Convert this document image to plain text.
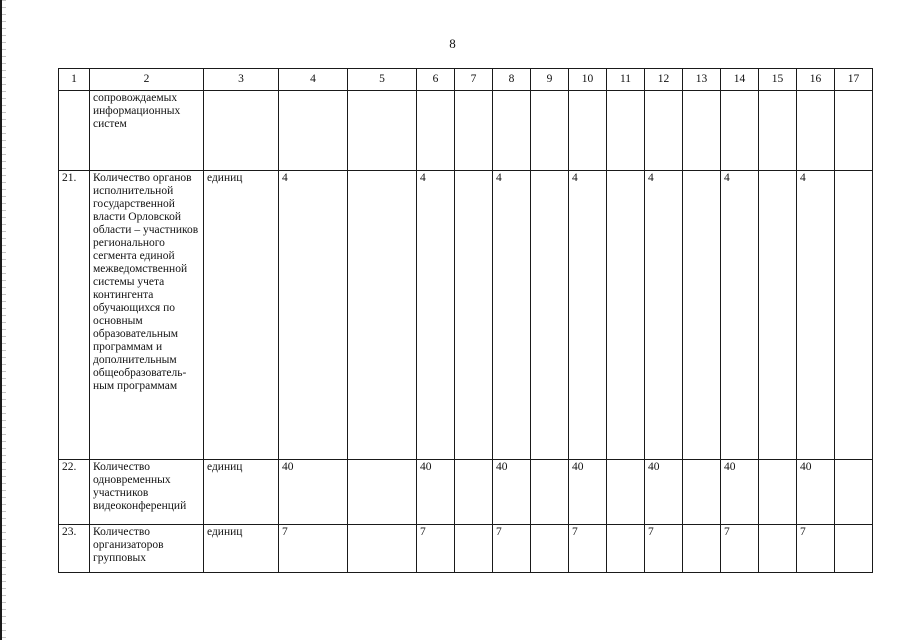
8
1	2	3	4	5	6	7	8	9	10	11	12	13	14	15	16	17
	сопровождаемых информационных систем															
21.	Количество органов исполнительной государственной власти Орловской области – участников регионального сегмента единой межведомственной системы учета контингента обучающихся по основным образовательным программам и дополнительным общеобразователь-ным программам	единиц	4		4		4		4		4		4		4	
22.	Количество одновременных участников видеоконференций	единиц	40		40		40		40		40		40		40	
23.	Количество организаторов групповых	единиц	7		7		7		7		7		7		7	
